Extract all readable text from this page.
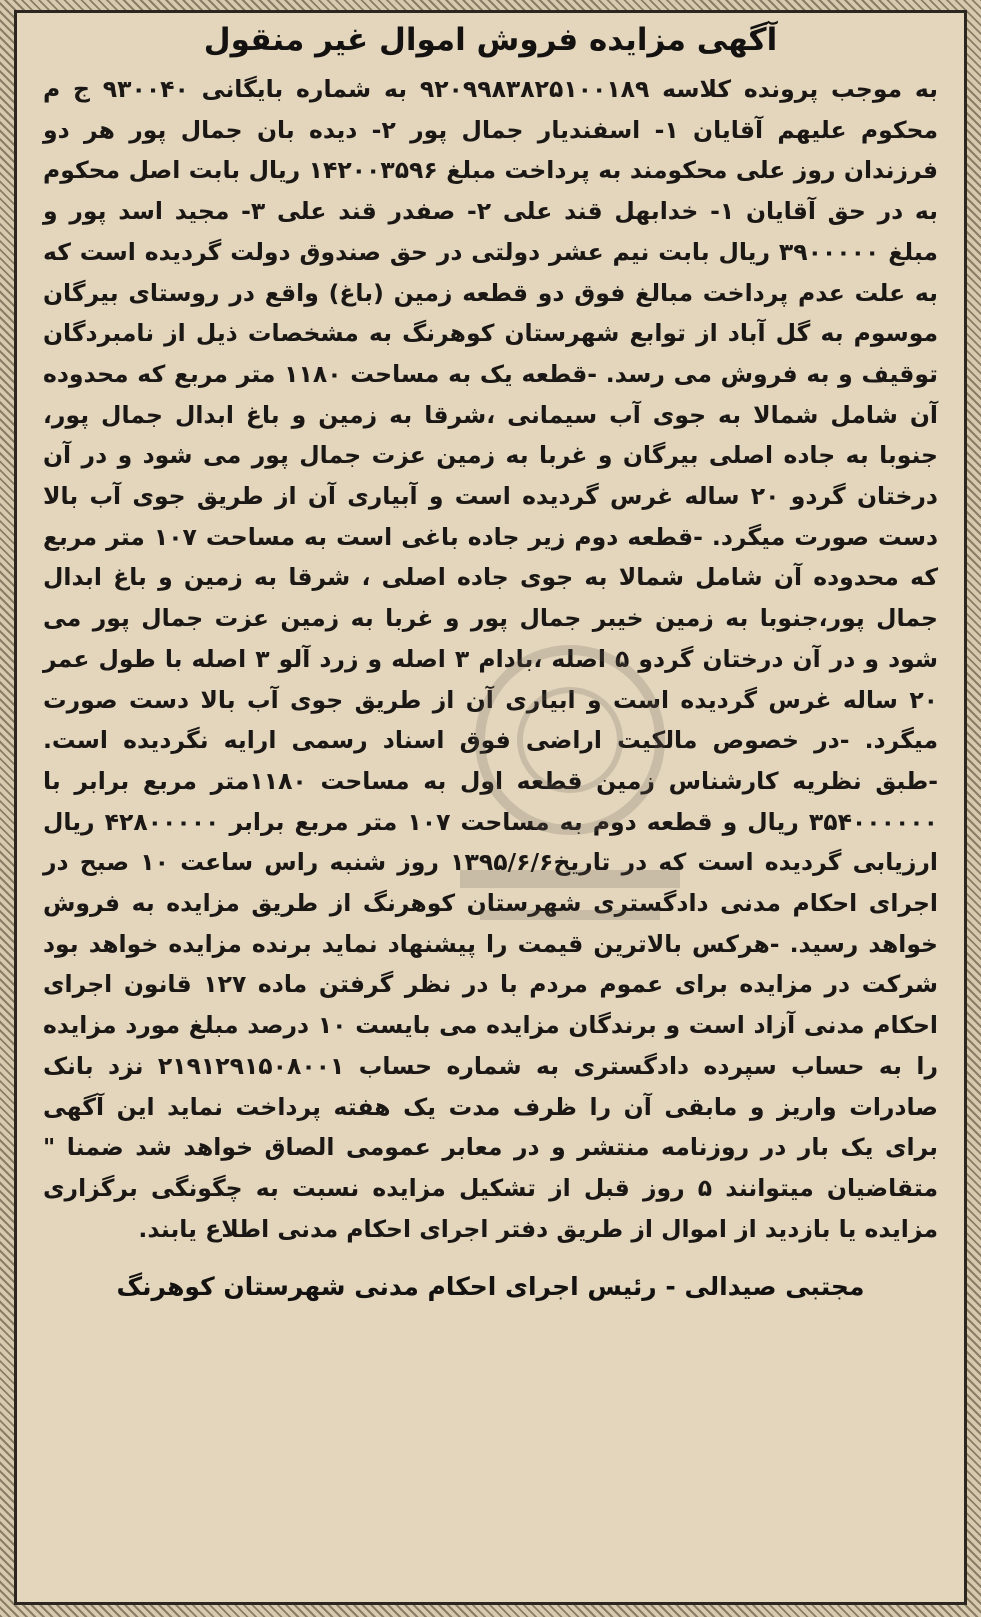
آگهی مزایده فروش اموال غیر منقول

به موجب پرونده کلاسه ۹۲۰۹۹۸۳۸۲۵۱۰۰۱۸۹ به شماره بایگانی ۹۳۰۰۴۰ ج م محکوم علیهم آقایان ۱- اسفندیار جمال پور ۲- دیده بان جمال پور هر دو فرزندان روز علی محکومند به پرداخت مبلغ ۱۴۲۰۰۳۵۹۶ ریال بابت اصل محکوم به در حق آقایان ۱- خدابهل قند علی ۲- صفدر قند علی ۳- مجید اسد پور و مبلغ ۳۹۰۰۰۰۰ ریال بابت نیم عشر دولتی در حق صندوق دولت گردیده است که به علت عدم پرداخت مبالغ فوق دو قطعه زمین (باغ) واقع در روستای بیرگان موسوم به گل آباد از توابع شهرستان کوهرنگ به مشخصات ذیل از نامبردگان توقیف و به فروش می رسد. -قطعه یک به مساحت ۱۱۸۰ متر مربع که محدوده آن شامل شمالا به جوی آب سیمانی ،شرقا به زمین و باغ ابدال جمال پور، جنوبا به جاده اصلی بیرگان و غربا به زمین عزت جمال پور می شود و در آن درختان گردو ۲۰ ساله غرس گردیده است و آبیاری آن از طریق جوی آب بالا دست صورت میگرد. -قطعه دوم زیر جاده باغی است به مساحت ۱۰۷ متر مربع که محدوده آن شامل شمالا به جوی جاده اصلی ، شرقا به زمین و باغ ابدال جمال پور،جنوبا به زمین خیبر جمال پور و غربا به زمین عزت جمال پور می شود و در آن درختان گردو ۵ اصله ،بادام ۳ اصله و زرد آلو ۳ اصله با طول عمر ۲۰ ساله غرس گردیده است و ابیاری آن از طریق جوی آب بالا دست صورت میگرد. -در خصوص مالکیت اراضی فوق اسناد رسمی ارایه نگردیده است. -طبق نظریه کارشناس زمین قطعه اول به مساحت ۱۱۸۰متر مربع برابر با ۳۵۴۰۰۰۰۰۰ ریال و قطعه دوم به مساحت ۱۰۷ متر مربع برابر ۴۲۸۰۰۰۰۰ ریال ارزیابی گردیده است که در تاریخ۱۳۹۵/۶/۶ روز شنبه راس ساعت ۱۰ صبح در اجرای احکام مدنی دادگستری شهرستان کوهرنگ از طریق مزایده به فروش خواهد رسید. -هرکس بالاترین قیمت را پیشنهاد نماید برنده مزایده خواهد بود شرکت در مزایده برای عموم مردم با در نظر گرفتن ماده ۱۲۷ قانون اجرای احکام مدنی آزاد است و برندگان مزایده می بایست ۱۰ درصد مبلغ مورد مزایده را به حساب سپرده دادگستری به شماره حساب ۲۱۹۱۲۹۱۵۰۸۰۰۱ نزد بانک صادرات واریز و مابقی آن را ظرف مدت یک هفته پرداخت نماید این آگهی برای یک بار در روزنامه منتشر و در معابر عمومی الصاق خواهد شد ضمنا " متقاضیان میتوانند ۵ روز قبل از تشکیل مزایده نسبت به چگونگی برگزاری مزایده یا بازدید از اموال از طریق دفتر اجرای احکام مدنی اطلاع یابند.

مجتبی صیدالی - رئیس اجرای احکام مدنی شهرستان کوهرنگ
